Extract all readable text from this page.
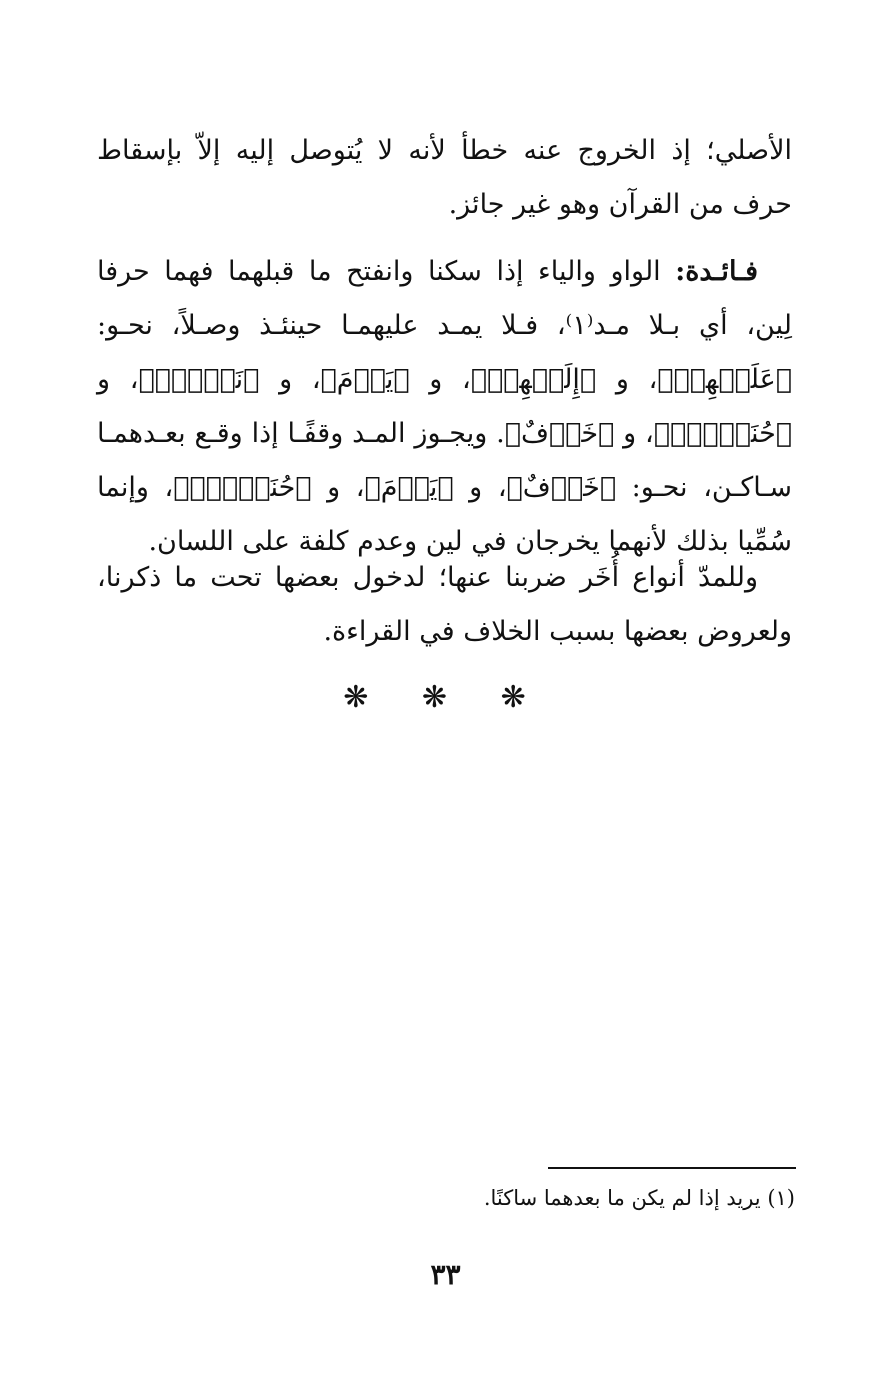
الأصلي؛ إذ الخروج عنه خطأ لأنه لا يُتوصل إليه إلاّ بإسقاط حرف من القرآن وهو غير جائز.

فـائـدة: الواو والياء إذا سكنا وانفتح ما قبلهما فهما حرفا لِين، أي بـلا مـد⁽١⁾، فـلا يمـد عليهمـا حينئـذ وصـلاً، نحـو: ﴿عَلَيۡهِمۡ﴾، و ﴿إِلَيۡهِمۡ﴾، و ﴿يَوۡمَ﴾، و ﴿نَوۡمٌۚ﴾، و ﴿حُنَيۡنٍۙ﴾، و ﴿خَوۡفٌ﴾. ويجـوز المـد وقفًـا إذا وقـع بعـدهمـا سـاكـن، نحـو: ﴿خَوۡفٌ﴾، و ﴿يَوۡمَ﴾، و ﴿حُنَيۡنٍۙ﴾، وإنما سُمِّيا بذلك لأنهما يخرجان في لين وعدم كلفة على اللسان.

وللمدّ أنواع أُخَر ضربنا عنها؛ لدخول بعضها تحت ما ذكرنا، ولعروض بعضها بسبب الخلاف في القراءة.

❋ ❋ ❋
(١) يريد إذا لم يكن ما بعدهما ساكنًا.
٣٣
